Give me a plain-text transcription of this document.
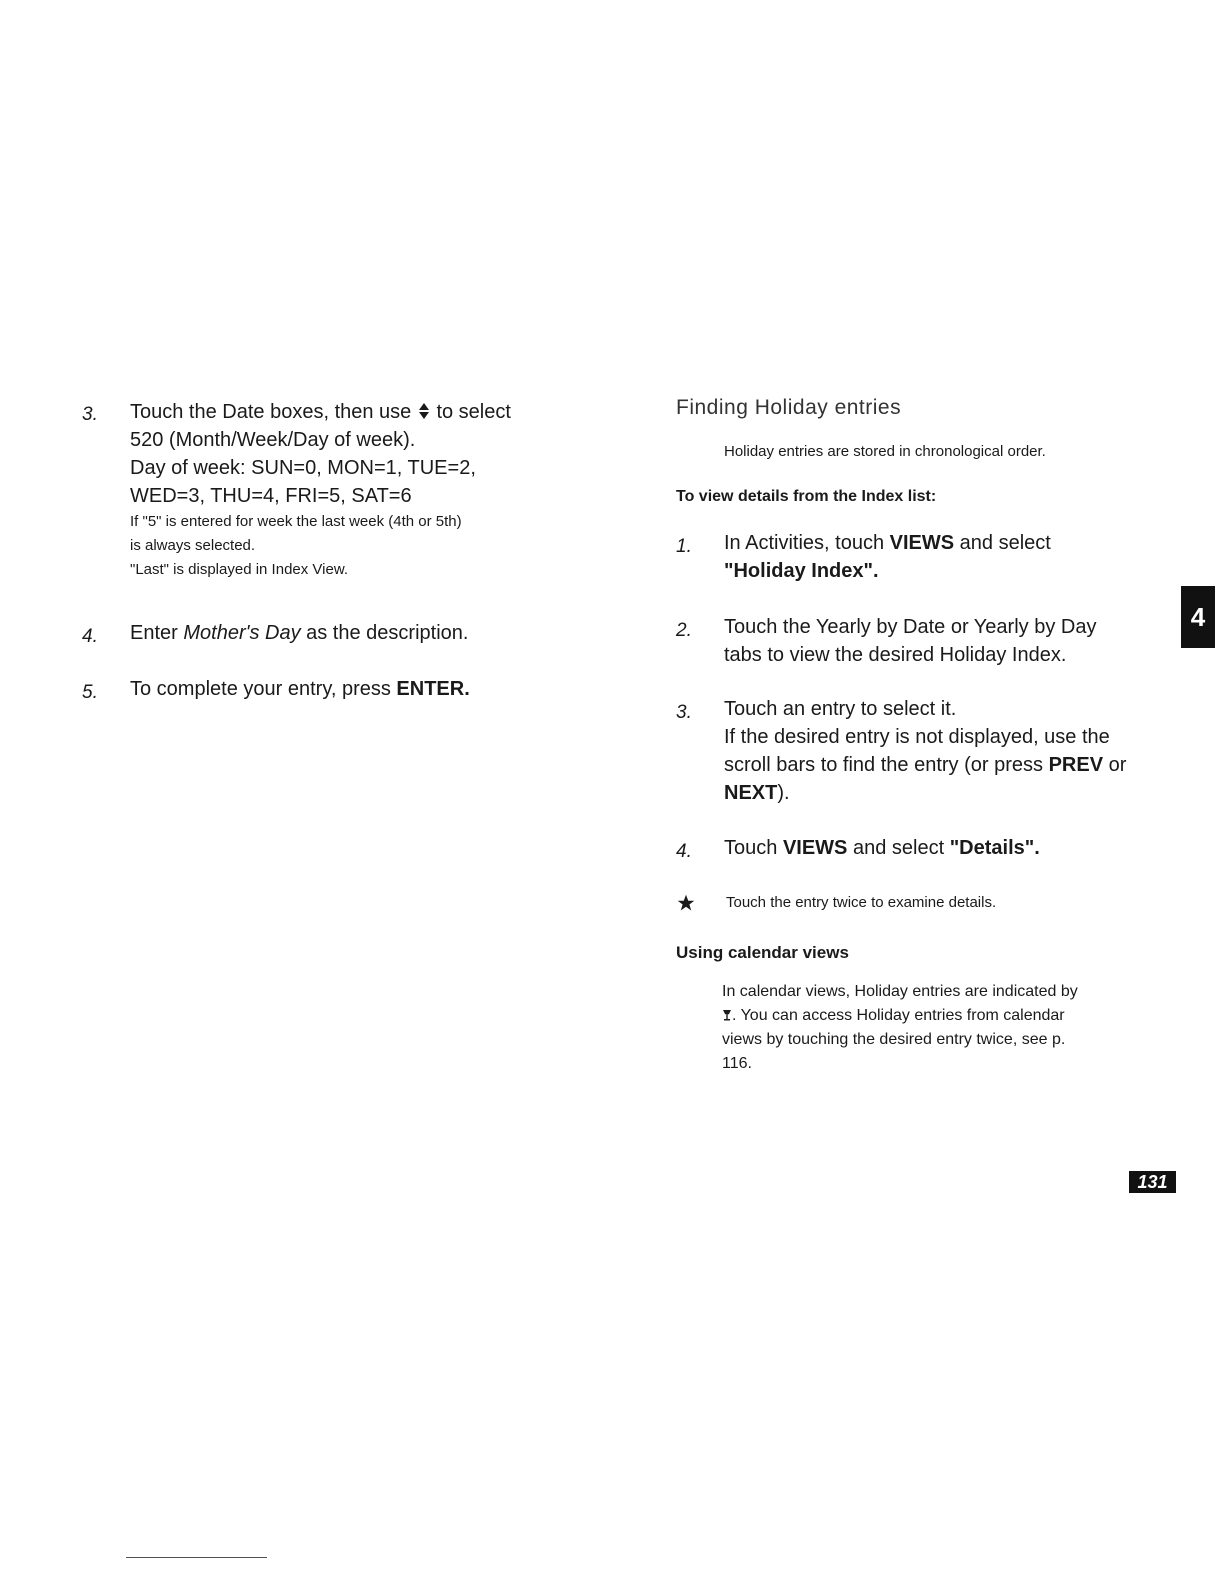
3. Touch the Date boxes, then use to select
520 (Month/Week/Day of week).
Day of week: SUN=0, MON=1, TUE=2,
WED=3, THU=4, FRI=5, SAT=6
If "5" is entered for week the last week (4th or 5th)
is always selected.
"Last" is displayed in Index View.
4. Enter Mother's Day as the description.
5. To complete your entry, press ENTER.
Finding Holiday entries
Holiday entries are stored in chronological order.
To view details from the Index list:
1. In Activities, touch VIEWS and select
"Holiday Index".
2. Touch the Yearly by Date or Yearly by Day
tabs to view the desired Holiday Index.
3. Touch an entry to select it.
If the desired entry is not displayed, use the
scroll bars to find the entry (or press PREV or
NEXT).
4. Touch VIEWS and select "Details".
Touch the entry twice to examine details.
Using calendar views
In calendar views, Holiday entries are indicated by
. You can access Holiday entries from calendar
views by touching the desired entry twice, see p.
116.
4
131
